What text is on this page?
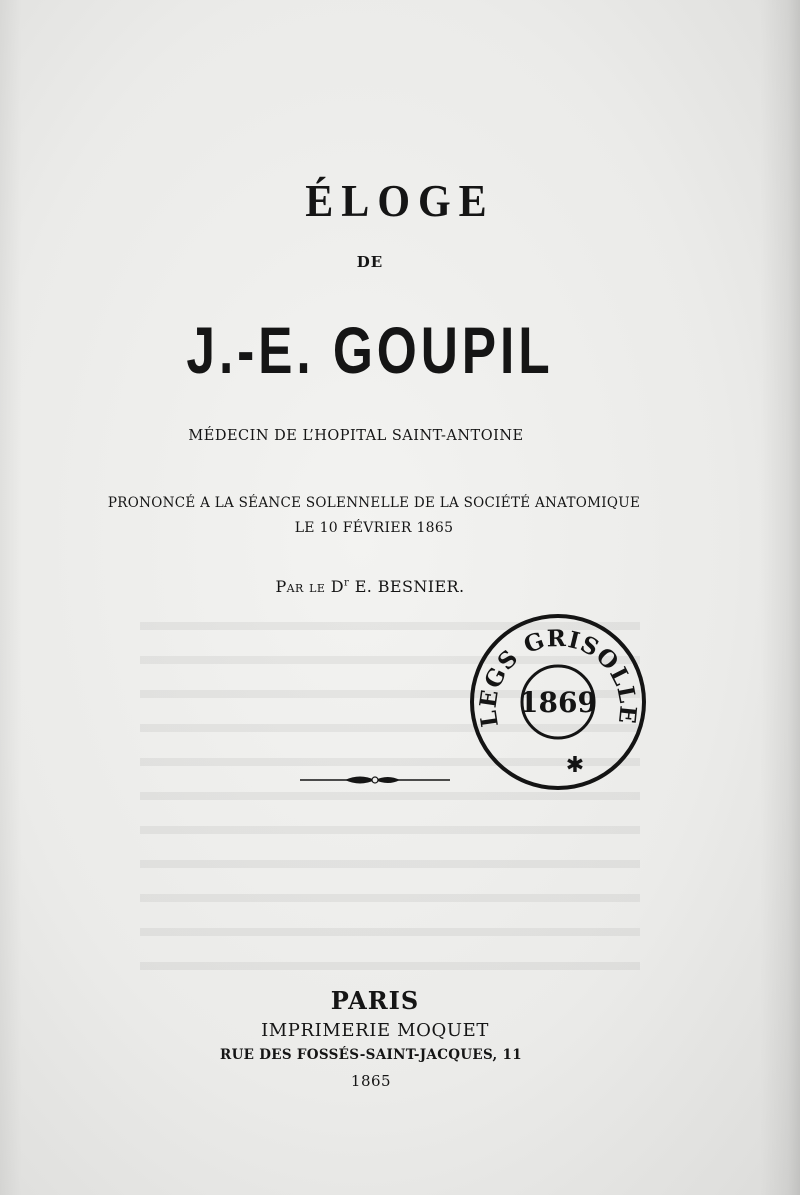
ÉLOGE
DE
J.-E. GOUPIL
MÉDECIN DE L’HOPITAL SAINT-ANTOINE
PRONONCÉ A LA SÉANCE SOLENNELLE DE LA SOCIÉTÉ ANATOMIQUE
LE 10 FÉVRIER 1865
Par le $D^r$ E. BESNIER.
LEGS GRISOLLE
1869
✱
PARIS
IMPRIMERIE MOQUET
RUE DES FOSSÉS-SAINT-JACQUES, 11
1865
